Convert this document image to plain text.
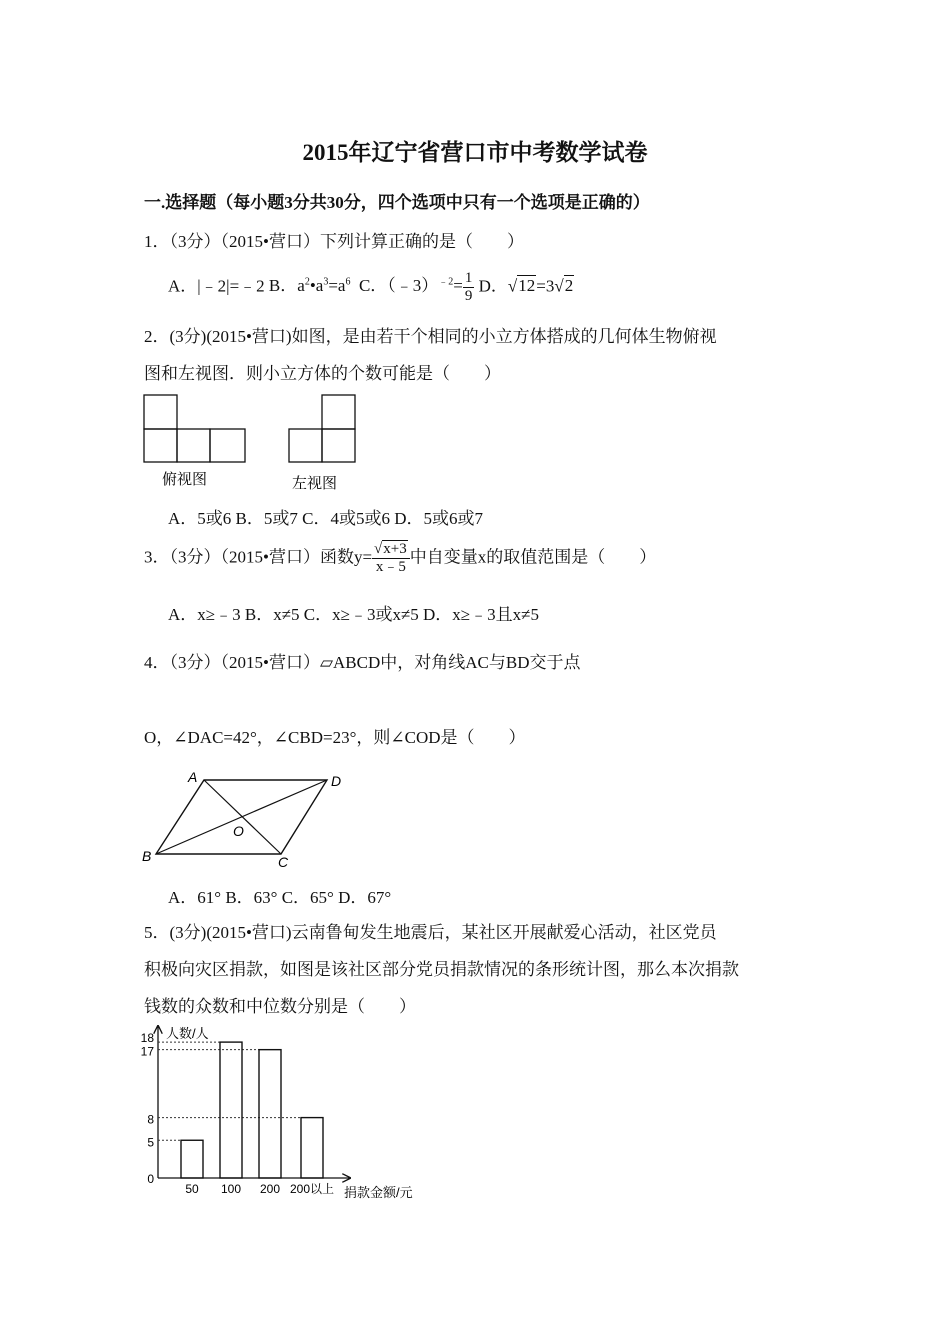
2015年辽宁省营口市中考数学试卷
一.选择题（每小题3分共30分，四个选项中只有一个选项是正确的）
1．（3分）（2015•营口）下列计算正确的是（　　）
A．|﹣2|=﹣2 B．$a^2•a^3=a^6$ C．（﹣3）$^{﹣2}$= $\frac{1}{9}$ D．√12=3√2
2．(3分)(2015•营口)如图，是由若干个相同的小立方体搭成的几何体生物俯视
图和左视图．则小立方体的个数可能是（　　）
俯视图	左视图
A．5或6 B．5或7 C．4或5或6 D．5或6或7
3．（3分）（2015•营口）函数$y= \frac{√x+3}{x﹣5}$ 中自变量x的取值范围是（　　）
A．x≥﹣3 B．x≠5 C．x≥﹣3或x≠5 D．x≥﹣3且x≠5
4．（3分）（2015•营口）▱ABCD中，对角线AC与BD交于点
O，∠DAC=42°，∠CBD=23°，则∠COD是（　　）
A	D
B	C
O
A．61° B．63° C．65° D．67°
5．(3分)(2015•营口)云南鲁甸发生地震后，某社区开展献爱心活动，社区党员
积极向灾区捐款，如图是该社区部分党员捐款情况的条形统计图，那么本次捐款
钱数的众数和中位数分别是（　　）
人数/人
捐款金额/元
0
5
8
17
18
50 100 200 200以上
